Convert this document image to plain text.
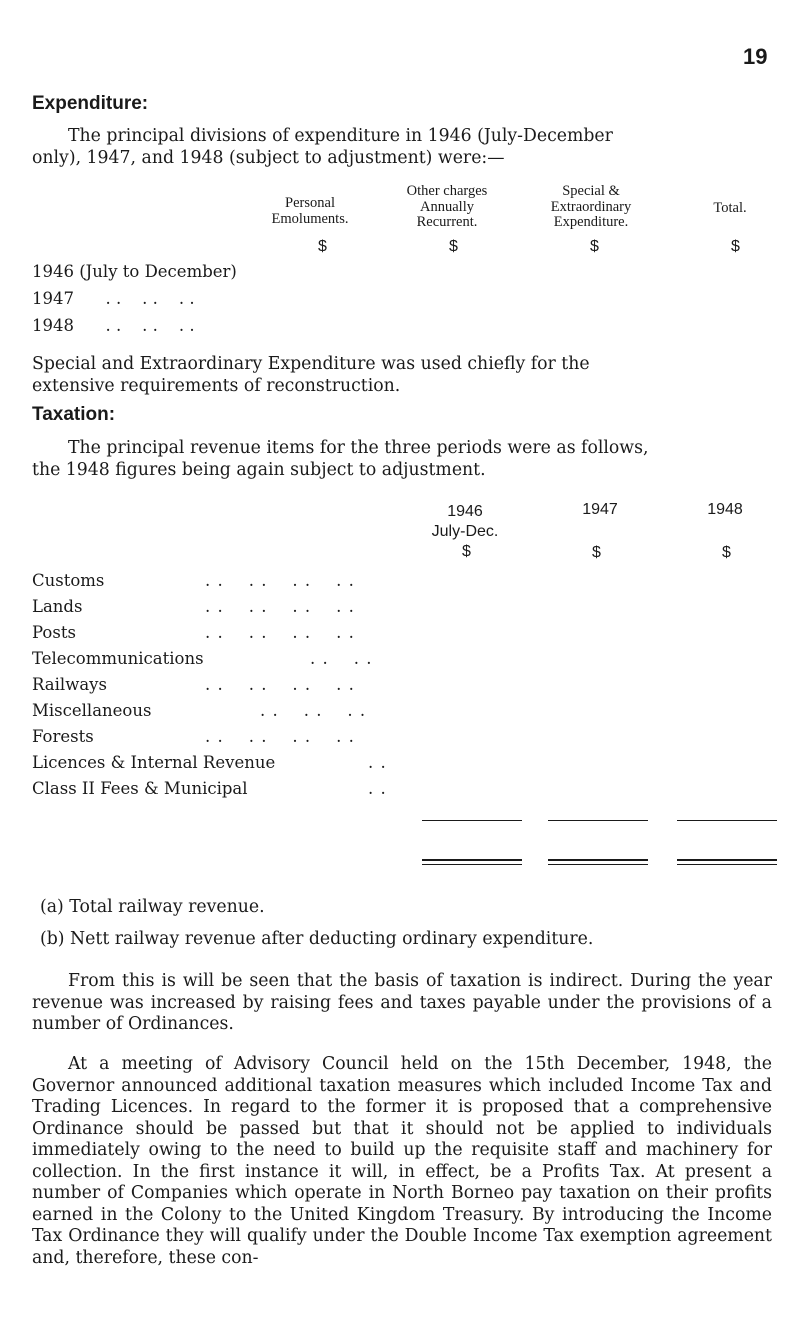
19
Expenditure:
The principal divisions of expenditure in 1946 (July-December
only), 1947, and 1948 (subject to adjustment) were:—
Personal
Emoluments.
Other charges
Annually
Recurrent.
Special &
Extraordinary
Expenditure.
Total.
$	$	$	$
1946 (July to December)
1947      . .    . .    . .
1948      . .    . .    . .
Special and Extraordinary Expenditure was used chiefly for the
extensive requirements of reconstruction.
Taxation:
The principal revenue items for the three periods were as follows,
the 1948 figures being again subject to adjustment.
1946
July-Dec.
1947	1948
$	$	$
Customs	. .    . .    . .    . .
Lands	. .    . .    . .    . .
Posts	. .    . .    . .    . .
Telecommunications	. .    . .
Railways	. .    . .    . .    . .
Miscellaneous	. .    . .    . .
Forests	. .    . .    . .    . .
Licences & Internal Revenue	. .
Class II Fees & Municipal	. .
(a) Total railway revenue.
(b) Nett railway revenue after deducting ordinary expenditure.
From this is will be seen that the basis of taxation is indirect. During the year revenue was increased by raising fees and taxes payable under the provisions of a number of Ordinances.
At a meeting of Advisory Council held on the 15th December, 1948, the Governor announced additional taxation measures which included Income Tax and Trading Licences. In regard to the former it is proposed that a comprehensive Ordinance should be passed but that it should not be applied to individuals immediately owing to the need to build up the requisite staff and machinery for collection. In the first instance it will, in effect, be a Profits Tax. At present a number of Companies which operate in North Borneo pay taxation on their profits earned in the Colony to the United Kingdom Treasury. By introducing the Income Tax Ordinance they will qualify under the Double Income Tax exemption agreement and, therefore, these con-
